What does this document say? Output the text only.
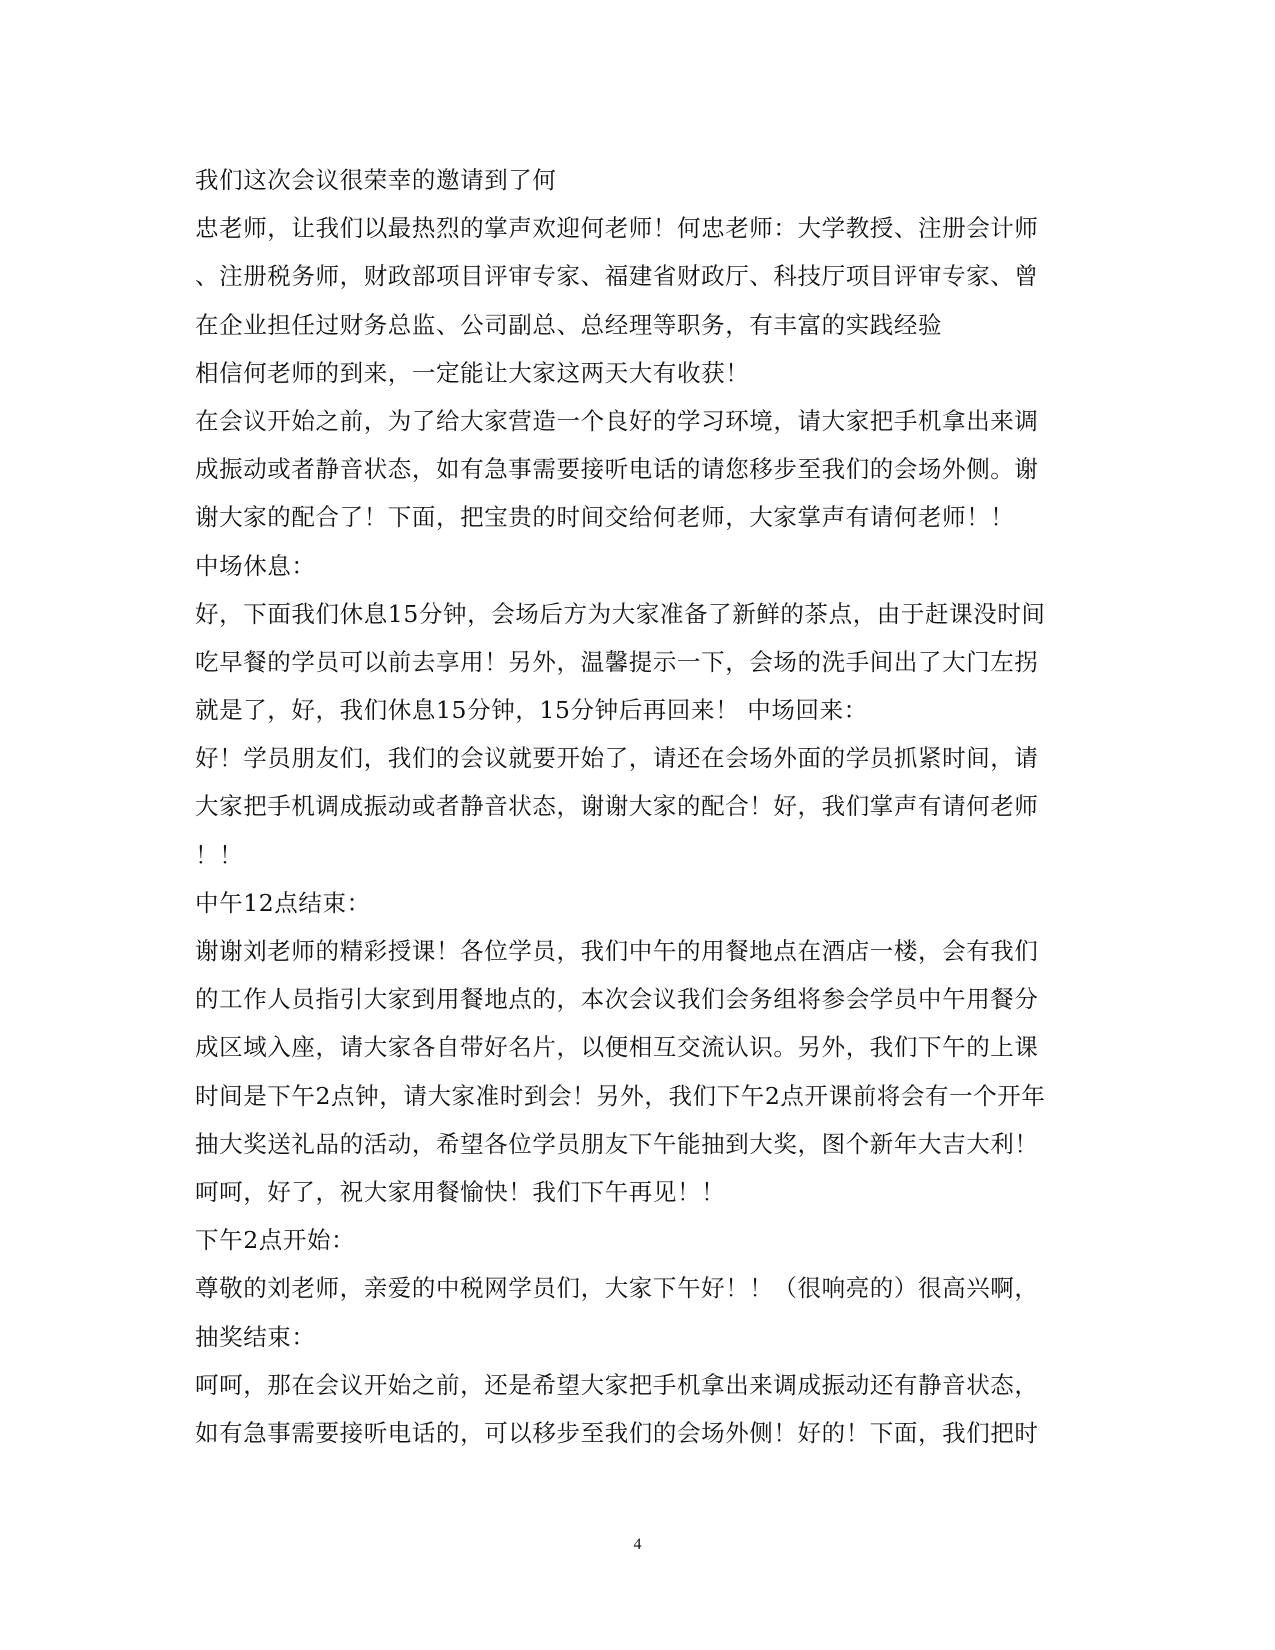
我们这次会议很荣幸的邀请到了何
忠老师，让我们以最热烈的掌声欢迎何老师！何忠老师：大学教授、注册会计师
、注册税务师，财政部项目评审专家、福建省财政厅、科技厅项目评审专家、曾
在企业担任过财务总监、公司副总、总经理等职务，有丰富的实践经验
相信何老师的到来，一定能让大家这两天大有收获！
在会议开始之前，为了给大家营造一个良好的学习环境，请大家把手机拿出来调
成振动或者静音状态，如有急事需要接听电话的请您移步至我们的会场外侧。谢
谢大家的配合了！下面，把宝贵的时间交给何老师，大家掌声有请何老师！！
中场休息：
好，下面我们休息15分钟，会场后方为大家准备了新鲜的茶点，由于赶课没时间
吃早餐的学员可以前去享用！另外，温馨提示一下，会场的洗手间出了大门左拐
就是了，好，我们休息15分钟，15分钟后再回来！ 中场回来：
好！学员朋友们，我们的会议就要开始了，请还在会场外面的学员抓紧时间，请
大家把手机调成振动或者静音状态，谢谢大家的配合！好，我们掌声有请何老师
！！
中午12点结束：
谢谢刘老师的精彩授课！各位学员，我们中午的用餐地点在酒店一楼，会有我们
的工作人员指引大家到用餐地点的，本次会议我们会务组将参会学员中午用餐分
成区域入座，请大家各自带好名片，以便相互交流认识。另外，我们下午的上课
时间是下午2点钟，请大家准时到会！另外，我们下午2点开课前将会有一个开年
抽大奖送礼品的活动，希望各位学员朋友下午能抽到大奖，图个新年大吉大利！
呵呵，好了，祝大家用餐愉快！我们下午再见！！
下午2点开始：
尊敬的刘老师，亲爱的中税网学员们，大家下午好！！（很响亮的）很高兴啊，
抽奖结束：
呵呵，那在会议开始之前，还是希望大家把手机拿出来调成振动还有静音状态，
如有急事需要接听电话的，可以移步至我们的会场外侧！好的！下面，我们把时
4
